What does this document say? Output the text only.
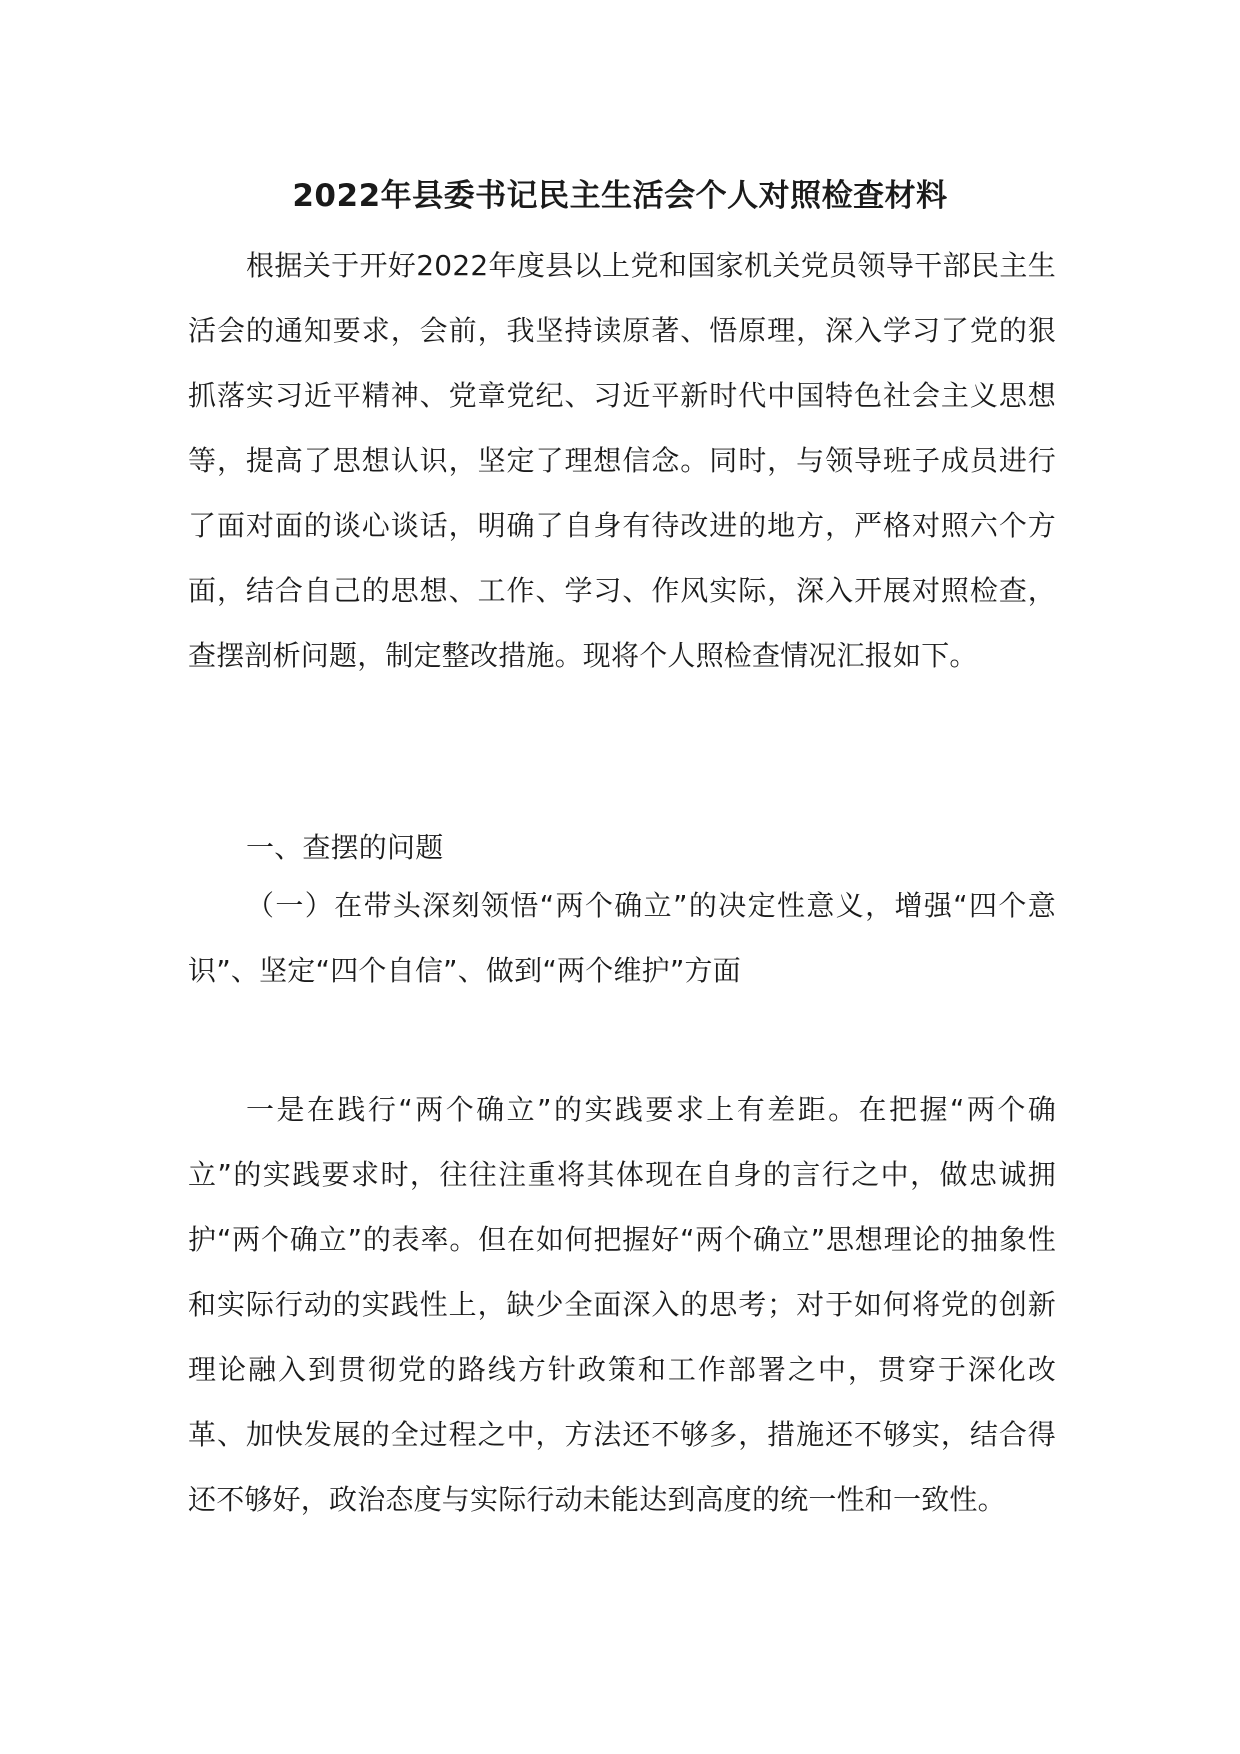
2022年县委书记民主生活会个人对照检查材料

根据关于开好2022年度县以上党和国家机关党员领导干部民主生活会的通知要求，会前，我坚持读原著、悟原理，深入学习了党的狠抓落实习近平精神、党章党纪、习近平新时代中国特色社会主义思想等，提高了思想认识，坚定了理想信念。同时，与领导班子成员进行了面对面的谈心谈话，明确了自身有待改进的地方，严格对照六个方面，结合自己的思想、工作、学习、作风实际，深入开展对照检查，查摆剖析问题，制定整改措施。现将个人照检查情况汇报如下。

一、查摆的问题

（一）在带头深刻领悟“两个确立”的决定性意义，增强“四个意识”、坚定“四个自信”、做到“两个维护”方面

一是在践行“两个确立”的实践要求上有差距。在把握“两个确立”的实践要求时，往往注重将其体现在自身的言行之中，做忠诚拥护“两个确立”的表率。但在如何把握好“两个确立”思想理论的抽象性和实际行动的实践性上，缺少全面深入的思考；对于如何将党的创新理论融入到贯彻党的路线方针政策和工作部署之中，贯穿于深化改革、加快发展的全过程之中，方法还不够多，措施还不够实，结合得还不够好，政治态度与实际行动未能达到高度的统一性和一致性。
